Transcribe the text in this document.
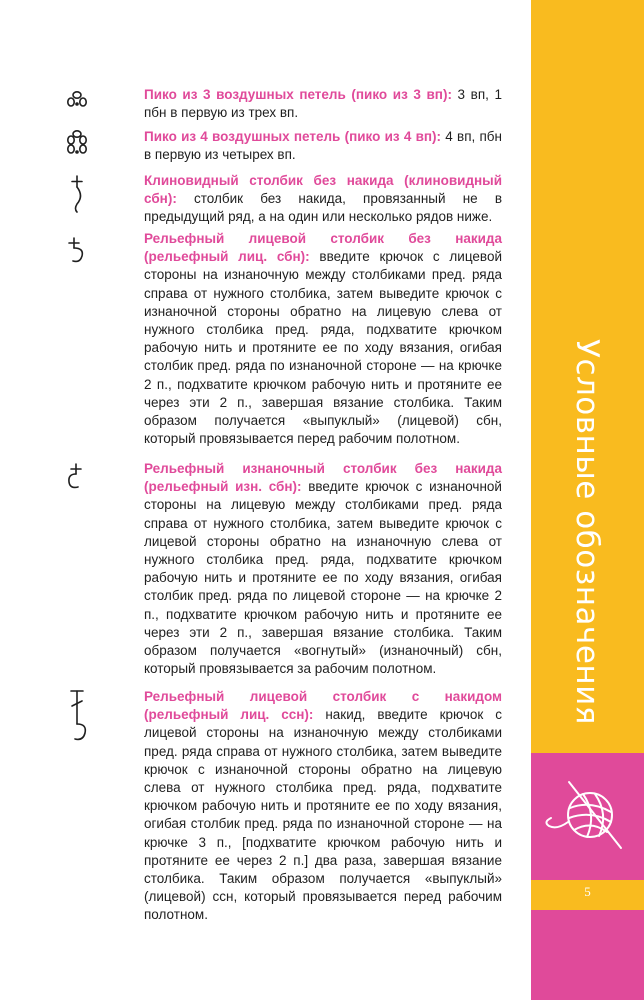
Условные обозначения
5
Пико из 3 воздушных петель (пико из 3 вп): 3 вп, 1 пбн в первую из трех вп.
Пико из 4 воздушных петель (пико из 4 вп): 4 вп, пбн в первую из четырех вп.
Клиновидный столбик без накида (клиновидный сбн): столбик без накида, провязанный не в предыдущий ряд, а на один или несколько рядов ниже.
Рельефный лицевой столбик без накида (рельефный лиц. сбн): введите крючок с лицевой стороны на изнаночную между столбиками пред. ряда справа от нужного столбика, затем выведите крючок с изнаночной стороны обратно на лицевую слева от нужного столбика пред. ряда, подхватите крючком рабочую нить и протяните ее по ходу вязания, огибая столбик пред. ряда по изнаночной стороне — на крючке 2 п., подхватите крючком рабочую нить и протяните ее через эти 2 п., завершая вязание столбика. Таким образом получается «выпуклый» (лицевой) сбн, который провязывается перед рабочим полотном.
Рельефный изнаночный столбик без накида (рельефный изн. сбн): введите крючок с изнаночной стороны на лицевую между столбиками пред. ряда справа от нужного столбика, затем выведите крючок с лицевой стороны обратно на изнаночную слева от нужного столбика пред. ряда, подхватите крючком рабочую нить и протяните ее по ходу вязания, огибая столбик пред. ряда по лицевой стороне — на крючке 2 п., подхватите крючком рабочую нить и протяните ее через эти 2 п., завершая вязание столбика. Таким образом получается «вогнутый» (изнаночный) сбн, который провязывается за рабочим полотном.
Рельефный лицевой столбик с накидом (рельефный лиц. ссн): накид, введите крючок с лицевой стороны на изнаночную между столбиками пред. ряда справа от нужного столбика, затем выведите крючок с изнаночной стороны обратно на лицевую слева от нужного столбика пред. ряда, подхватите крючком рабочую нить и протяните ее по ходу вязания, огибая столбик пред. ряда по изнаночной стороне — на крючке 3 п., [подхватите крючком рабочую нить и протяните ее через 2 п.] два раза, завершая вязание столбика. Таким образом получается «выпуклый» (лицевой) ссн, который провязывается перед рабочим полотном.
